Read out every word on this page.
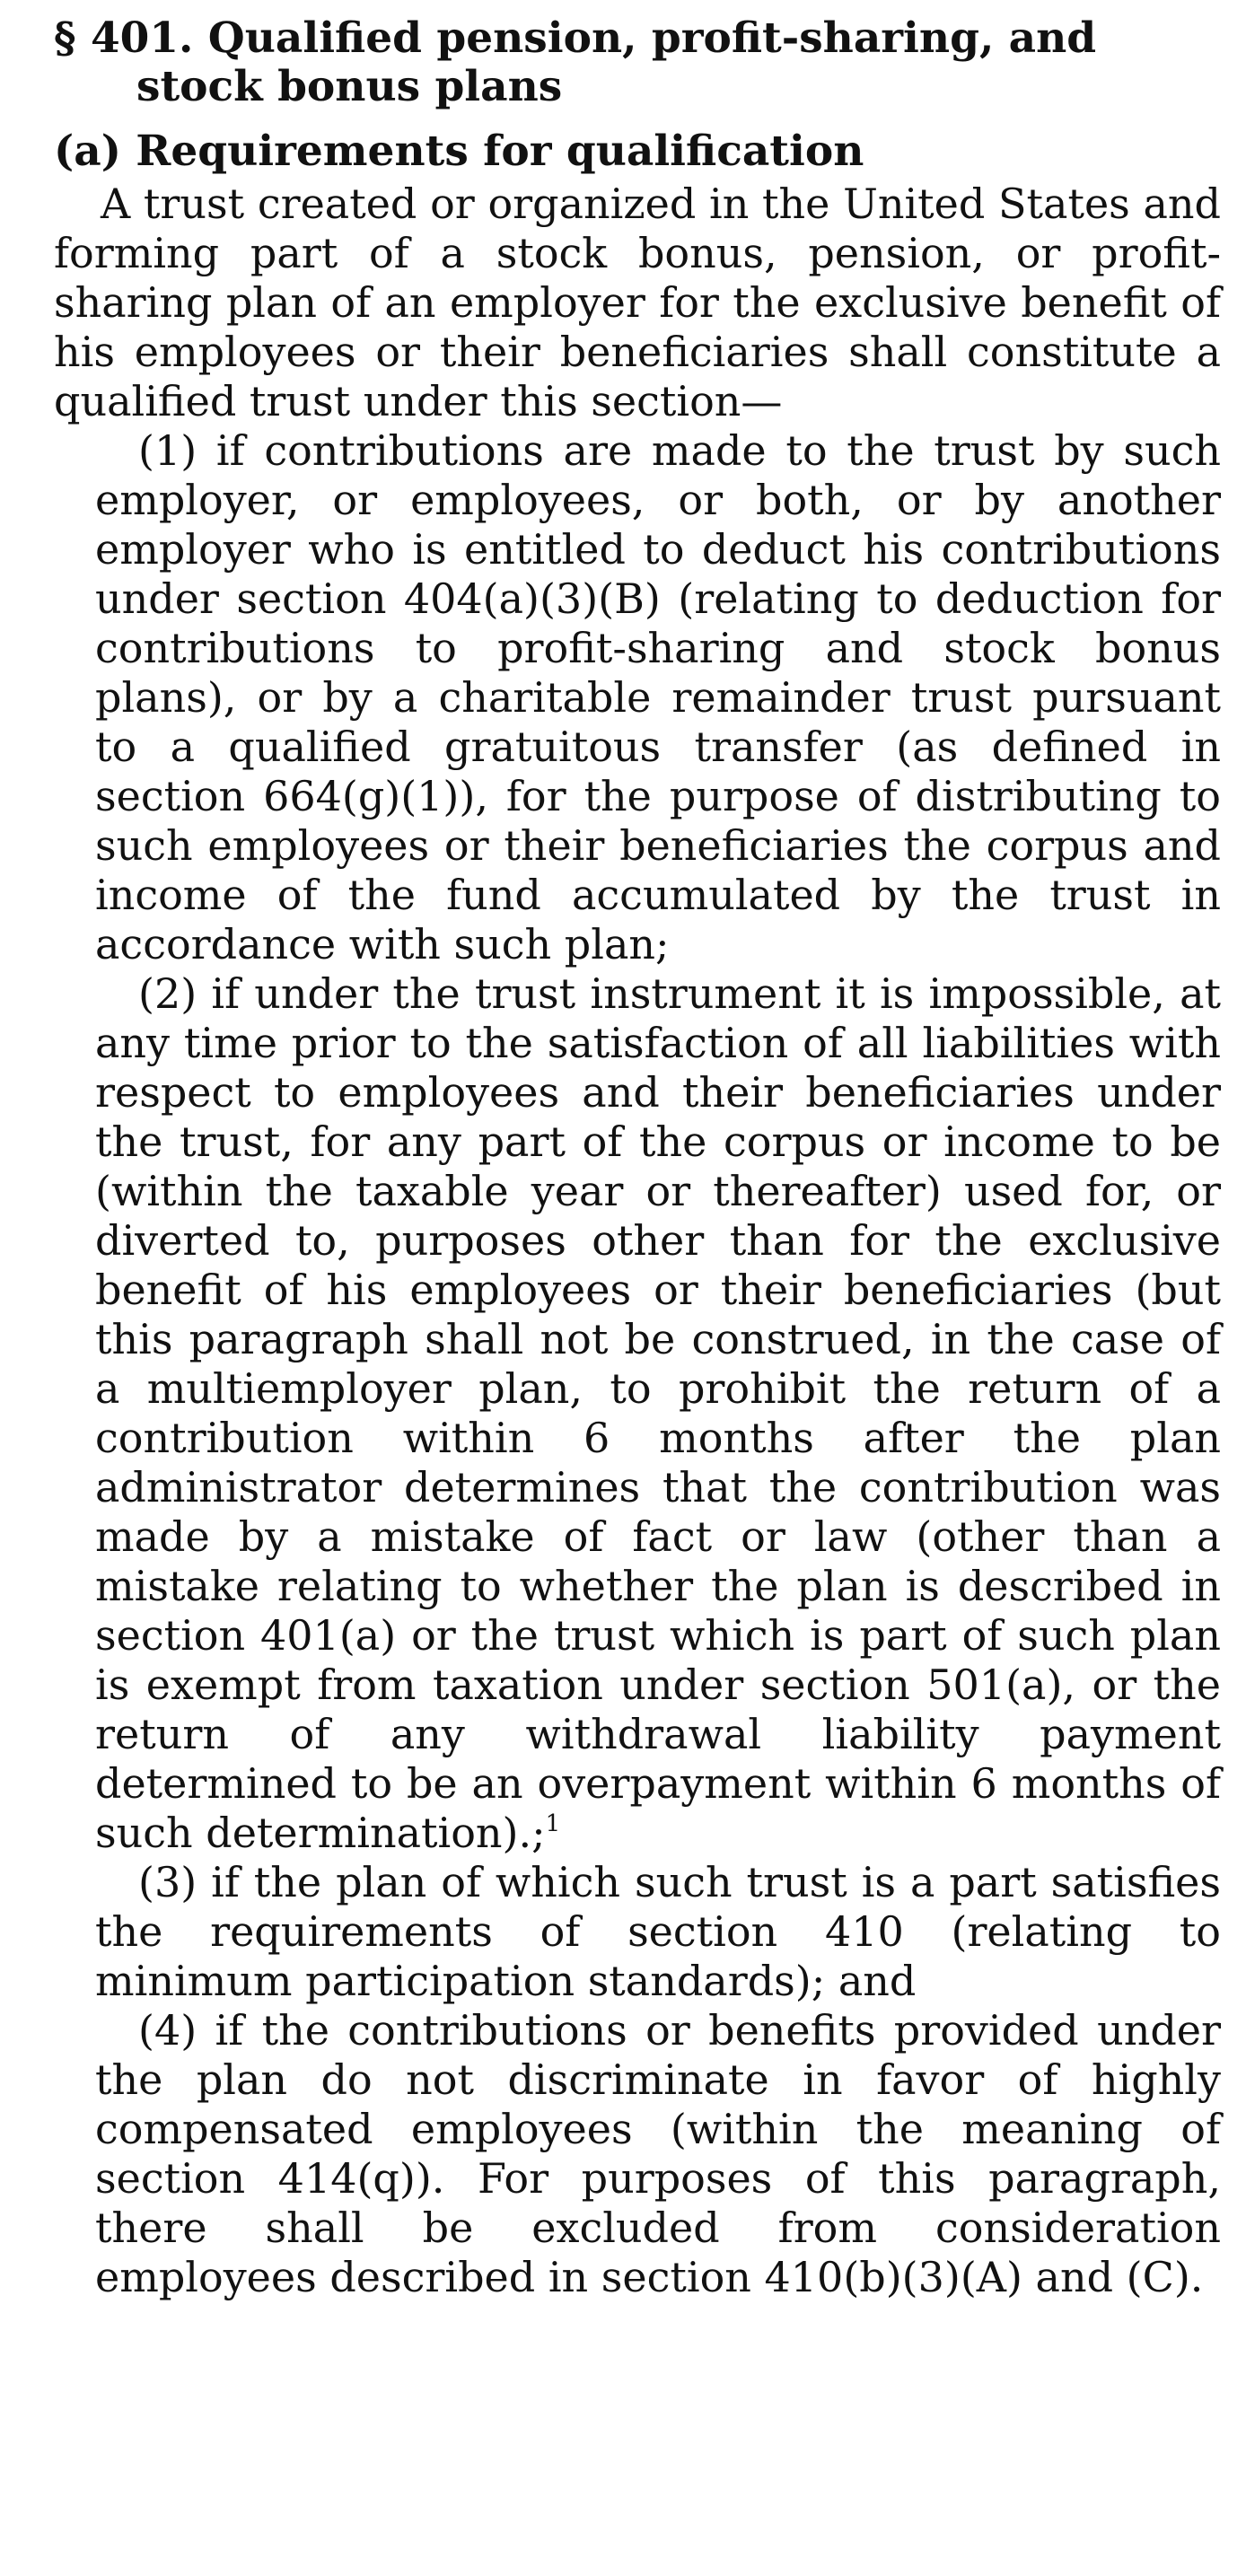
§ 401. Qualified pension, profit-sharing, and stock bonus plans
(a) Requirements for qualification

A trust created or organized in the United States and forming part of a stock bonus, pension, or profit-sharing plan of an employer for the exclusive benefit of his employees or their beneficiaries shall constitute a qualified trust under this section—

(1) if contributions are made to the trust by such employer, or employees, or both, or by another employer who is entitled to deduct his contributions under section 404(a)(3)(B) (relating to deduction for contributions to profit-sharing and stock bonus plans), or by a charitable remainder trust pursuant to a qualified gratuitous transfer (as defined in section 664(g)(1)), for the purpose of distributing to such employees or their beneficiaries the corpus and income of the fund accumulated by the trust in accordance with such plan;

(2) if under the trust instrument it is impossible, at any time prior to the satisfaction of all liabilities with respect to employees and their beneficiaries under the trust, for any part of the corpus or income to be (within the taxable year or thereafter) used for, or diverted to, purposes other than for the exclusive benefit of his employees or their beneficiaries (but this paragraph shall not be construed, in the case of a multiemployer plan, to prohibit the return of a contribution within 6 months after the plan administrator determines that the contribution was made by a mistake of fact or law (other than a mistake relating to whether the plan is described in section 401(a) or the trust which is part of such plan is exempt from taxation under section 501(a), or the return of any withdrawal liability payment determined to be an overpayment within 6 months of such determination).;$^1$

(3) if the plan of which such trust is a part satisfies the requirements of section 410 (relating to minimum participation standards); and

(4) if the contributions or benefits provided under the plan do not discriminate in favor of highly compensated employees (within the meaning of section 414(q)). For purposes of this paragraph, there shall be excluded from consideration employees described in section 410(b)(3)(A) and (C).
